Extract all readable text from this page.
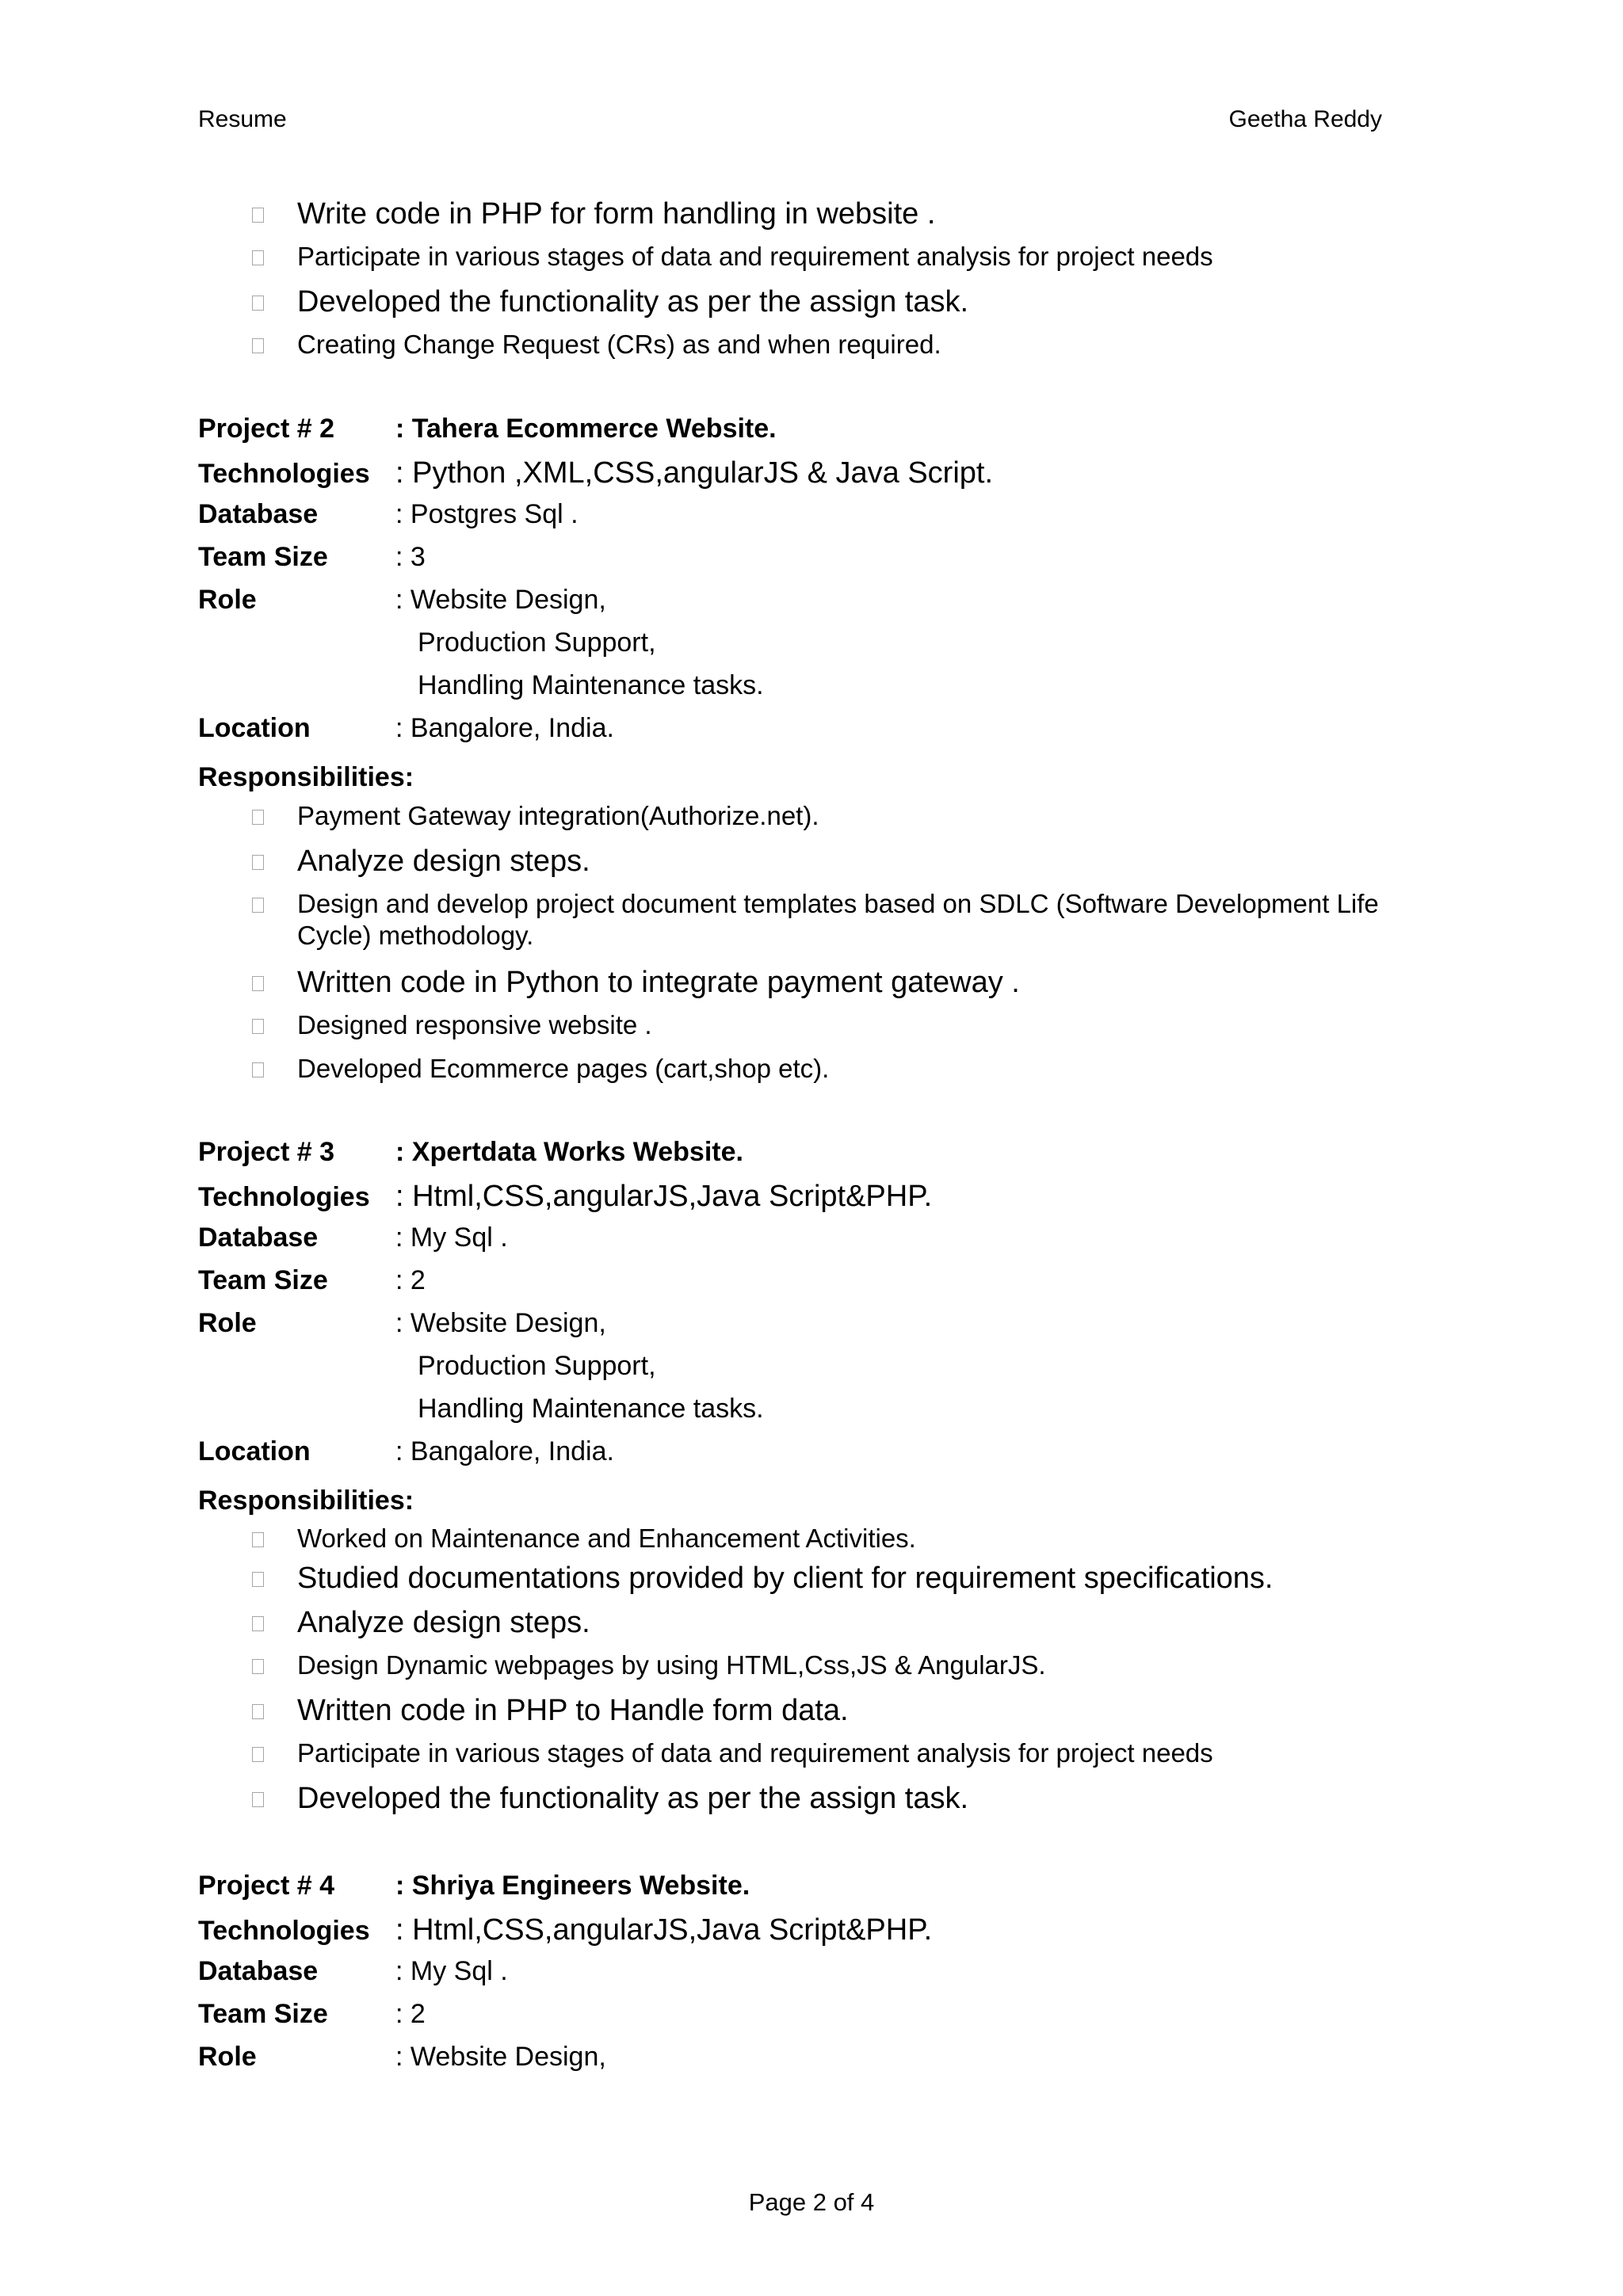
Resume	Geetha Reddy
Write code in PHP for form handling in website .
Participate in various stages of data and requirement analysis for project needs
Developed the functionality as per the assign task.
Creating Change Request (CRs) as and when required.
Project # 2	: Tahera Ecommerce Website.
Technologies : Python ,XML,CSS,angularJS & Java Script.
Database	: Postgres Sql .
Team Size	: 3
Role	: Website Design,
Production Support,
Handling Maintenance tasks.
Location	: Bangalore, India.
Responsibilities:
Payment Gateway integration(Authorize.net).
Analyze design steps.
Design and develop project document templates based on SDLC (Software Development Life Cycle) methodology.
Written code in Python to integrate payment gateway .
Designed responsive website .
Developed Ecommerce pages (cart,shop etc).
Project # 3	: Xpertdata Works Website.
Technologies : Html,CSS,angularJS,Java Script&PHP.
Database	: My Sql .
Team Size	: 2
Role	: Website Design,
Production Support,
Handling Maintenance tasks.
Location	: Bangalore, India.
Responsibilities:
Worked on Maintenance and Enhancement Activities.
Studied documentations provided by client for requirement specifications.
Analyze design steps.
Design Dynamic webpages by using HTML,Css,JS & AngularJS.
Written code in PHP to Handle form data.
Participate in various stages of data and requirement analysis for project needs
Developed the functionality as per the assign task.
Project # 4	: Shriya Engineers Website.
Technologies : Html,CSS,angularJS,Java Script&PHP.
Database	: My Sql .
Team Size	: 2
Role	: Website Design,
Page 2 of 4
